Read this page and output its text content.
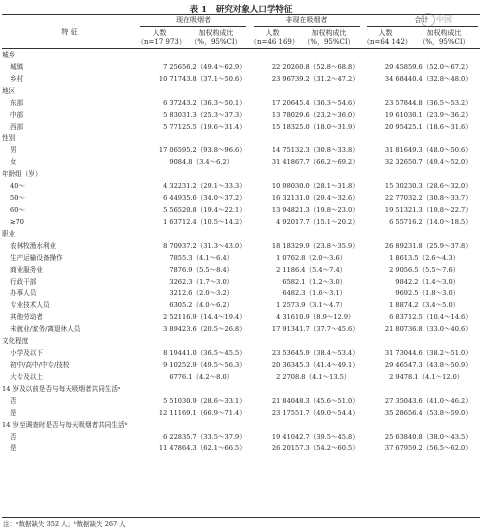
表 1   研究对象人口学特征
中国
特 征
现在吸烟者	非现在吸烟者	合计
人数
（n=17 973）
加权构成比
（%，95%CI）
人数
（n=46 169）
加权构成比
（%，95%CI）
人数
（n=64 142）
加权构成比
（%，95%CI）
城乡						
城镇	7 256	56.2（49.4～62.9）	22 202	60.8（52.8～68.8）	29 458	59.6（52.0～67.2）
乡村	10 717	43.8（37.1～50.6）	23 967	39.2（31.2～47.2）	34 684	40.4（32.8～48.0）
地区						
东部	6 372	43.2（36.3～50.1）	17 206	45.4（36.3～54.6）	23 578	44.8（36.5～53.2）
中部	5 830	31.3（25.3～37.3）	13 780	29.6（23.2～36.0）	19 610	30.1（23.9～36.2）
西部	5 771	25.5（19.6～31.4）	15 183	25.0（18.0～31.9）	20 954	25.1（18.6～31.6）
性别						
男	17 065	95.2（93.8～96.6）	14 751	32.3（30.8～33.8）	31 816	49.3（48.0～50.6）
女	908	4.8（3.4～6.2）	31 418	67.7（66.2～69.2）	32 326	50.7（49.4～52.0）
年龄组（岁）						
40～	4 322	31.2（29.1～33.3）	10 980	30.0（28.1～31.8）	15 302	30.3（28.6～32.0）
50～	6 449	35.6（34.0～37.2）	16 321	31.0（29.4～32.6）	22 770	32.2（30.8～33.7）
60～	5 565	20.8（19.4～22.1）	13 948	21.3（19.8～23.0）	19 513	21.3（19.8～22.7）
≥70	1 637	12.4（10.5～14.2）	4 920	17.7（15.1～20.2）	6 557	16.2（14.0～18.5）
职业						
农林牧渔水利业	8 709	37.2（31.3～43.0）	18 183	29.9（23.8～35.9）	26 892	31.8（25.9～37.8）
生产运输设备操作	785	5.3（4.1～6.4）	1 076	2.8（2.0～3.6）	1 861	3.5（2.6～4.3）
商业服务业	787	6.9（5.5～8.4）	2 118	6.4（5.4～7.4）	2 905	6.5（5.5～7.6）
行政干部	326	2.3（1.7～3.0）	658	2.1（1.2～3.0）	984	2.2（1.4～3.0）
办事人员	321	2.6（2.0～3.2）	648	2.3（1.6～3.1）	969	2.5（1.8～3.0）
专业技术人员	630	5.2（4.0～6.2）	1 257	3.9（3.1～4.7）	1 887	4.2（3.4～5.0）
其他劳动者	2 521	16.9（14.4～19.4）	4 316	10.9（8.9～12.9）	6 837	12.5（10.4～14.6）
未就业/家务/离退休人员	3 894	23.6（20.5～26.8）	17 913	41.7（37.7～45.6）	21 807	36.8（33.0～40.6）
文化程度						
小学及以下	8 194	41.0（36.5～45.5）	23 536	45.9（38.4～53.4）	31 730	44.6（38.2～51.0）
初中/高中/中专/技校	9 102	52.9（49.5～56.3）	20 363	45.3（41.4～49.1）	29 465	47.3（43.8～50.9）
大专及以上	677	6.1（4.2～8.0）	2 270	8.8（4.1～13.5）	2 947	8.1（4.1～12.0）
14 岁及以前是否与每天吸烟者共同生活ᵃ						
否	5 510	30.9（28.6～33.1）	21 840	48.3（45.6～51.0）	27 350	43.6（41.0～46.2）
是	12 111	69.1（66.9～71.4）	23 175	51.7（49.0～54.4）	35 286	56.4（53.8～59.0）
14 岁至调查时是否与每天吸烟者共同生活ᵇ						
否	6 228	35.7（33.5～37.9）	19 410	42.7（39.5～45.8）	25 638	40.8（38.0～43.5）
是	11 478	64.3（62.1～66.5）	26 201	57.3（54.2～60.5）	37 679	59.2（56.5～62.0）
注：ᵃ数据缺失 352 人；ᵇ数据缺失 267 人
